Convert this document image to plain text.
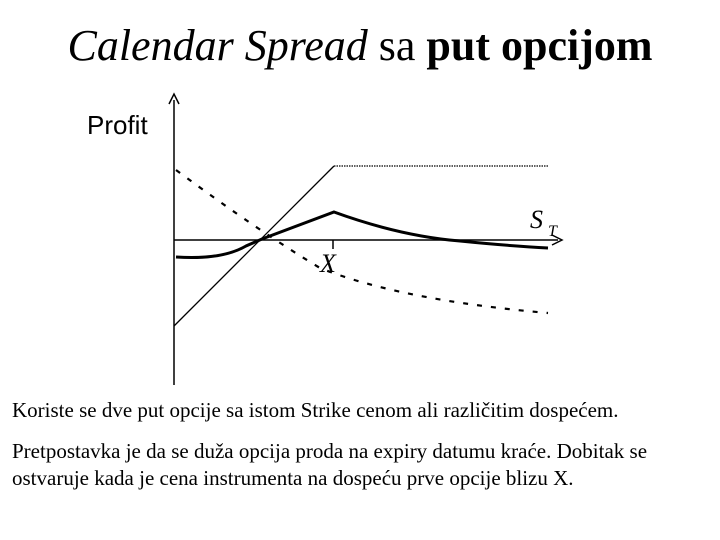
Calendar Spread sa put opcijom
Profit
S T
X
Koriste se dve put opcije sa istom Strike cenom ali različitim dospećem.
Pretpostavka je da se duža opcija proda na expiry datumu kraće. Dobitak se ostvaruje kada je cena instrumenta na dospeću prve opcije blizu X.
